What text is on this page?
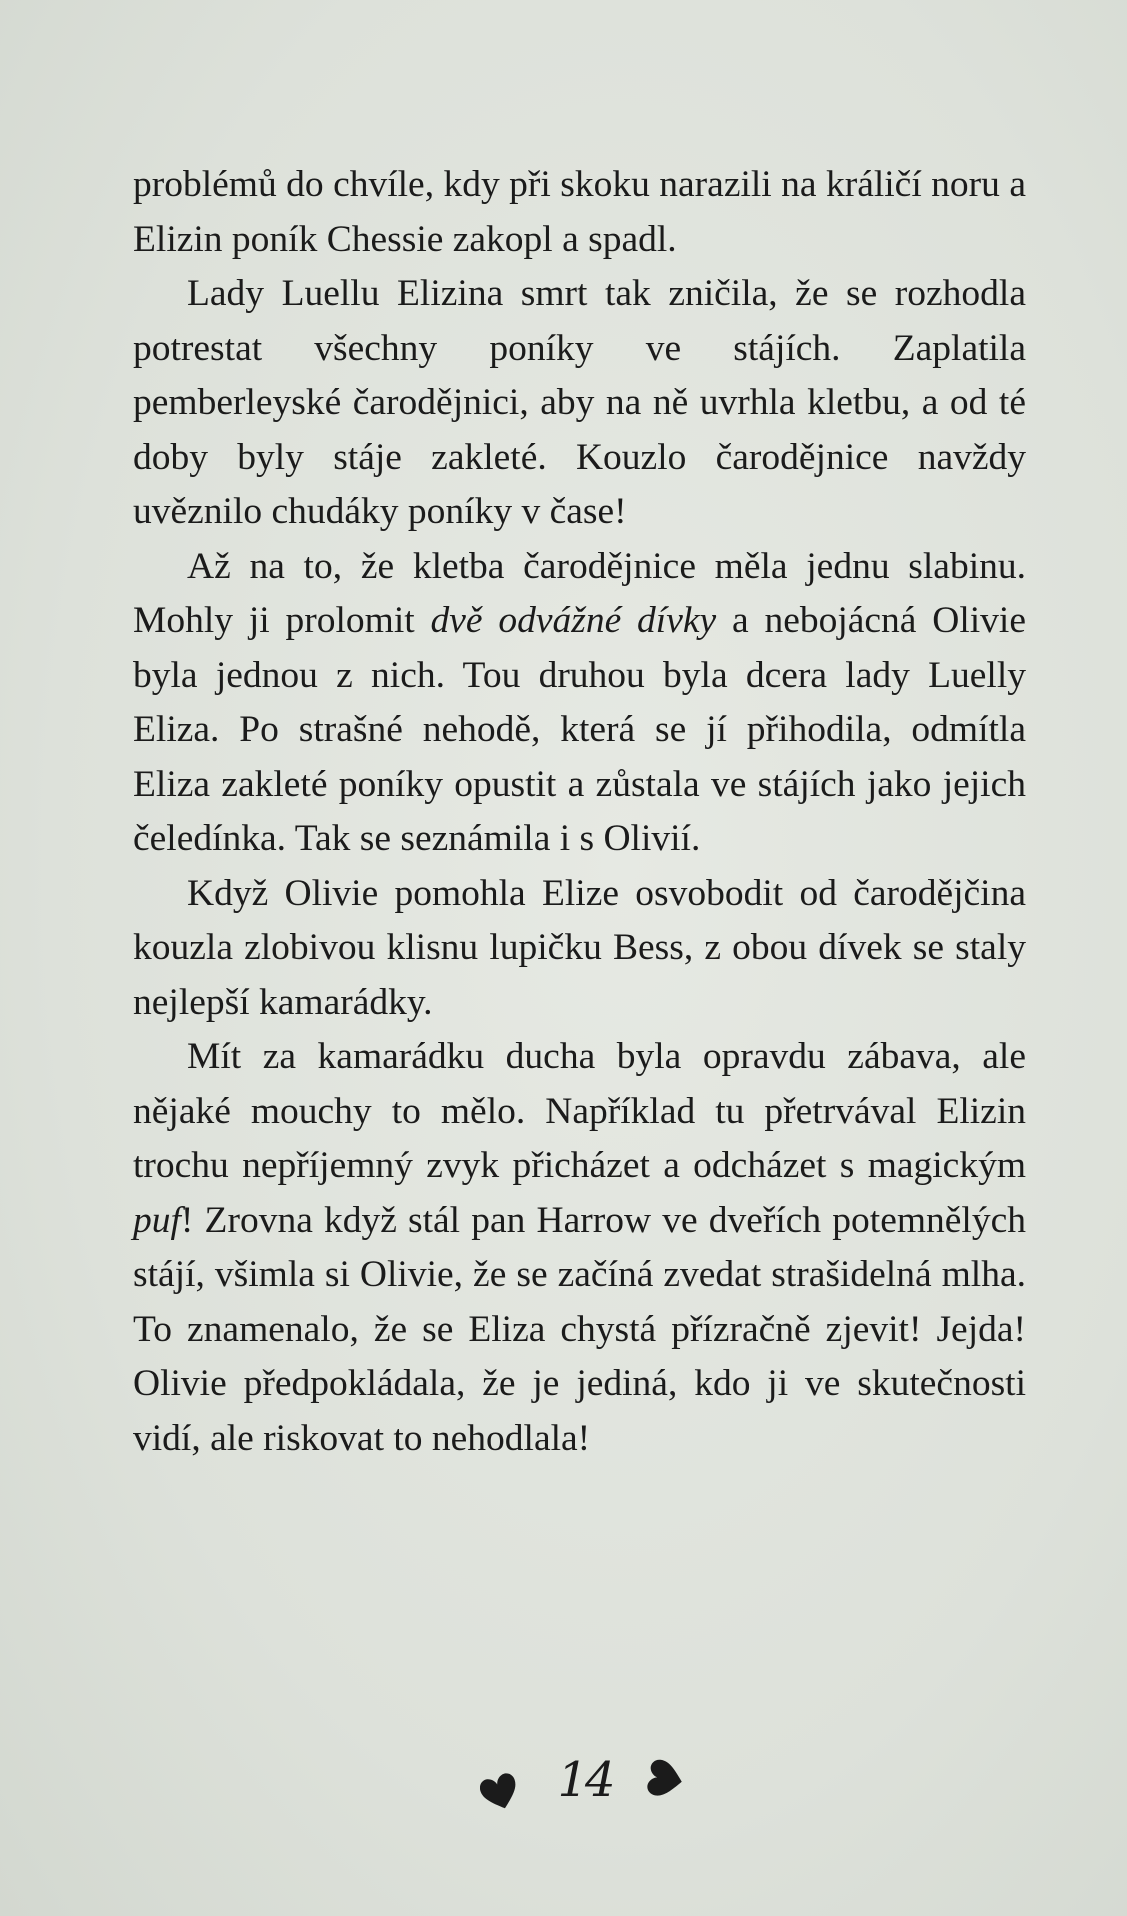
problémů do chvíle, kdy při skoku narazili na králičí noru a Elizin poník Chessie zakopl a spadl.

Lady Luellu Elizina smrt tak zničila, že se rozhodla potrestat všechny poníky ve stájích. Zaplatila pemberleyské čarodějnici, aby na ně uvrhla kletbu, a od té doby byly stáje zakleté. Kouzlo čarodějnice navždy uvěznilo chudáky poníky v čase!

Až na to, že kletba čarodějnice měla jednu slabinu. Mohly ji prolomit dvě odvážné dívky a nebojácná Olivie byla jednou z nich. Tou druhou byla dcera lady Luelly Eliza. Po strašné nehodě, která se jí přihodila, odmítla Eliza zakleté poníky opustit a zůstala ve stájích jako jejich čeledínka. Tak se seznámila i s Olivií.

Když Olivie pomohla Elize osvobodit od čarodějčina kouzla zlobivou klisnu lupičku Bess, z obou dívek se staly nejlepší kamarádky.

Mít za kamarádku ducha byla opravdu zábava, ale nějaké mouchy to mělo. Například tu přetrvával Elizin trochu nepříjemný zvyk přicházet a odcházet s magickým puf! Zrovna když stál pan Harrow ve dveřích potemnělých stájí, všimla si Olivie, že se začíná zvedat strašidelná mlha. To znamenalo, že se Eliza chystá přízračně zjevit! Jejda! Olivie předpokládala, že je jediná, kdo ji ve skutečnosti vidí, ale riskovat to nehodlala!

14
